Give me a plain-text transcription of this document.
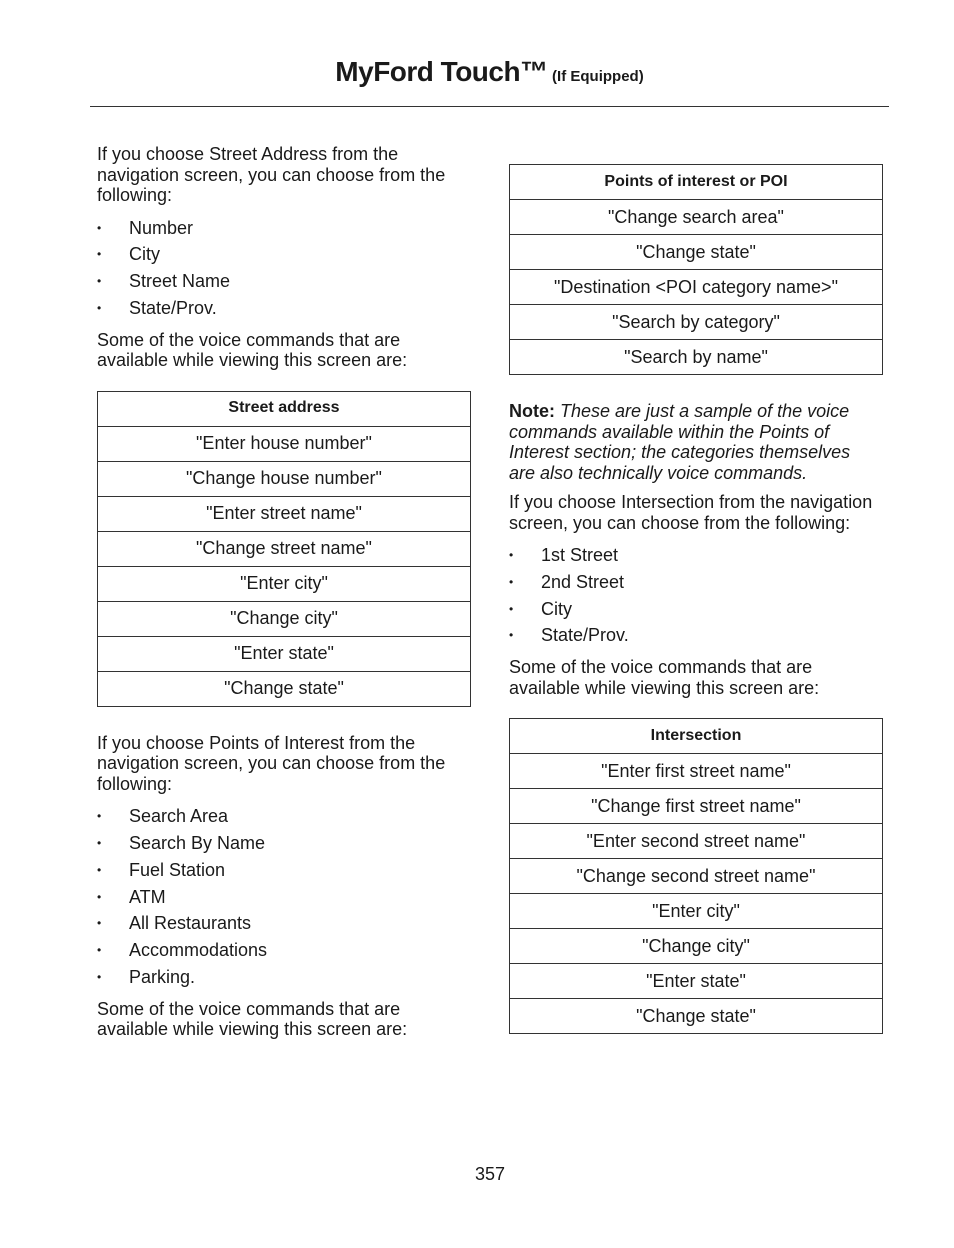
MyFord Touch™ (If Equipped)

If you choose Street Address from the navigation screen, you can choose from the following:

• Number
• City
• Street Name
• State/Prov.

Some of the voice commands that are available while viewing this screen are:

Street address
"Enter house number"
"Change house number"
"Enter street name"
"Change street name"
"Enter city"
"Change city"
"Enter state"
"Change state"

If you choose Points of Interest from the navigation screen, you can choose from the following:

• Search Area
• Search By Name
• Fuel Station
• ATM
• All Restaurants
• Accommodations
• Parking.

Some of the voice commands that are available while viewing this screen are:

Points of interest or POI
"Change search area"
"Change state"
"Destination <POI category name>"
"Search by category"
"Search by name"

Note: These are just a sample of the voice commands available within the Points of Interest section; the categories themselves are also technically voice commands.

If you choose Intersection from the navigation screen, you can choose from the following:

• 1st Street
• 2nd Street
• City
• State/Prov.

Some of the voice commands that are available while viewing this screen are:

Intersection
"Enter first street name"
"Change first street name"
"Enter second street name"
"Change second street name"
"Enter city"
"Change city"
"Enter state"
"Change state"
357
